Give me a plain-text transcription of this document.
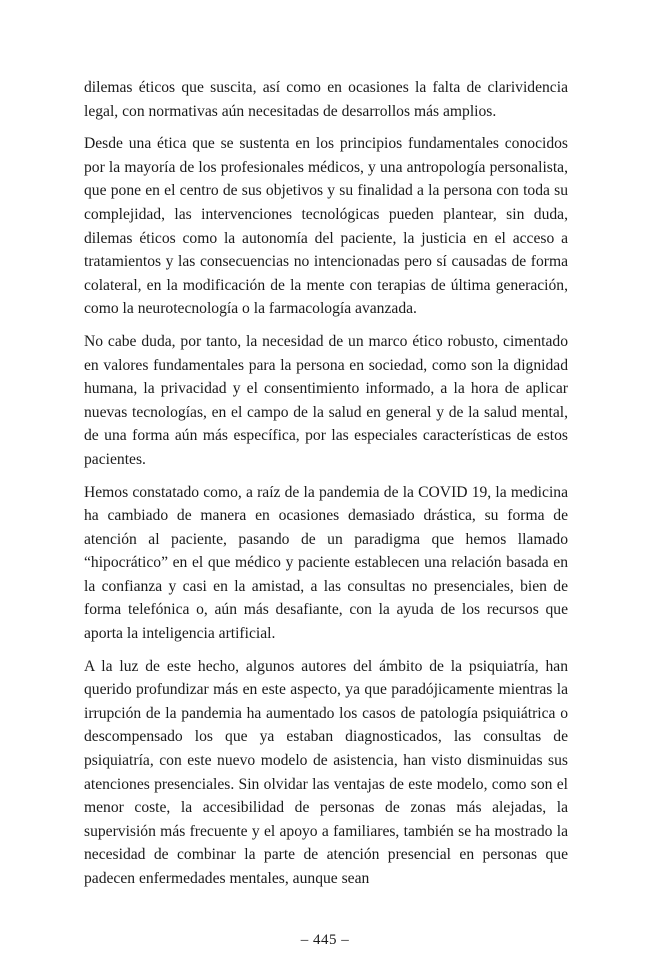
dilemas éticos que suscita, así como en ocasiones la falta de clarividencia legal, con normativas aún necesitadas de desarrollos más amplios.

Desde una ética que se sustenta en los principios fundamentales conocidos por la mayoría de los profesionales médicos, y una antropología personalista, que pone en el centro de sus objetivos y su finalidad a la persona con toda su complejidad, las intervenciones tecnológicas pueden plantear, sin duda, dilemas éticos como la autonomía del paciente, la justicia en el acceso a tratamientos y las consecuencias no intencionadas pero sí causadas de forma colateral, en la modificación de la mente con terapias de última generación, como la neurotecnología o la farmacología avanzada.

No cabe duda, por tanto, la necesidad de un marco ético robusto, cimentado en valores fundamentales para la persona en sociedad, como son la dignidad humana, la privacidad y el consentimiento informado, a la hora de aplicar nuevas tecnologías, en el campo de la salud en general y de la salud mental, de una forma aún más específica, por las especiales características de estos pacientes.

Hemos constatado como, a raíz de la pandemia de la COVID 19, la medicina ha cambiado de manera en ocasiones demasiado drástica, su forma de atención al paciente, pasando de un paradigma que hemos llamado “hipocrático” en el que médico y paciente establecen una relación basada en la confianza y casi en la amistad, a las consultas no presenciales, bien de forma telefónica o, aún más desafiante, con la ayuda de los recursos que aporta la inteligencia artificial.

A la luz de este hecho, algunos autores del ámbito de la psiquiatría, han querido profundizar más en este aspecto, ya que paradójicamente mientras la irrupción de la pandemia ha aumentado los casos de patología psiquiátrica o descompensado los que ya estaban diagnosticados, las consultas de psiquiatría, con este nuevo modelo de asistencia, han visto disminuidas sus atenciones presenciales. Sin olvidar las ventajas de este modelo, como son el menor coste, la accesibilidad de personas de zonas más alejadas, la supervisión más frecuente y el apoyo a familiares, también se ha mostrado la necesidad de combinar la parte de atención presencial en personas que padecen enfermedades mentales, aunque sean

– 445 –
